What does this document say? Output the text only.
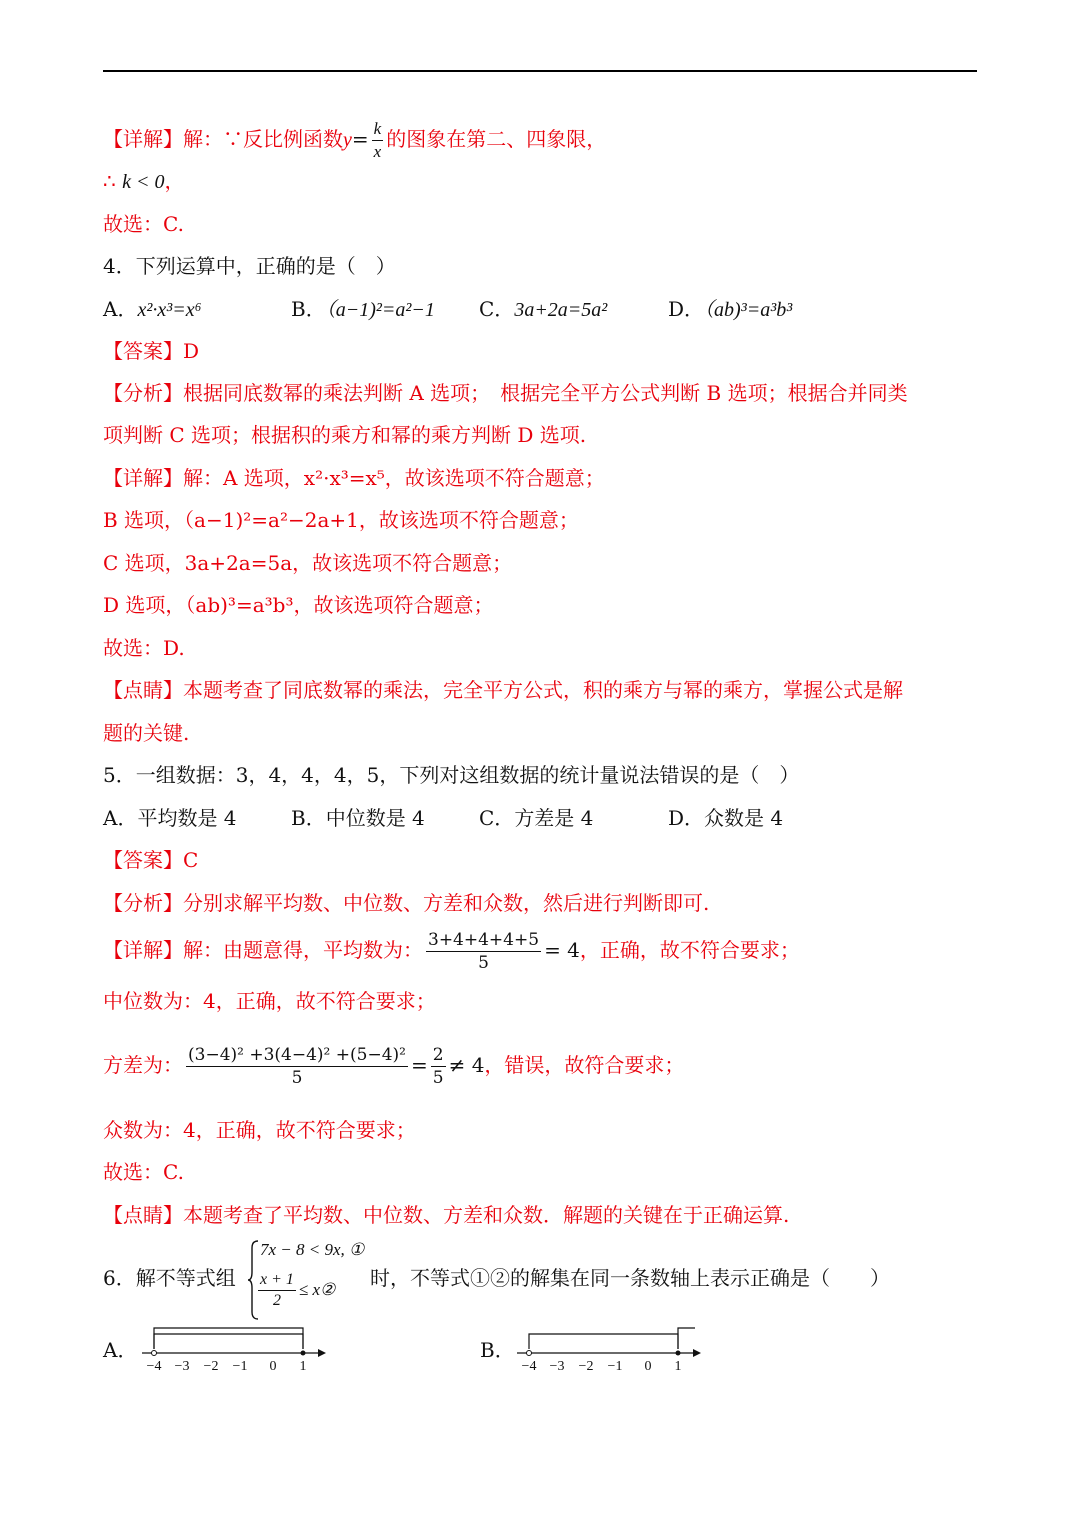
【详解】解：∵反比例函数$y= \frac{k}{x}$ 的图象在第二、四象限，
∴ k < 0，
故选：C.
4．下列运算中，正确的是（　）
A．x²·x³=x⁶	B．（a−1)²=a²−1 C．3a+2a=5a²	D．（ab)³=a³b³
【答案】D
【分析】根据同底数幂的乘法判断 A 选项；　根据完全平方公式判断 B 选项；根据合并同类
项判断 C 选项；根据积的乘方和幂的乘方判断 D 选项.
【详解】解：A 选项，x²·x³=x⁵，故该选项不符合题意；
B 选项，（a−1)²=a²−2a+1，故该选项不符合题意；
C 选项，3a+2a=5a，故该选项不符合题意；
D 选项，（ab)³=a³b³，故该选项符合题意；
故选：D.
【点睛】本题考查了同底数幂的乘法，完全平方公式，积的乘方与幂的乘方，掌握公式是解
题的关键.
5．一组数据：3，4，4，4，5，下列对这组数据的统计量说法错误的是（　）
A．平均数是 4	B．中位数是 4	C．方差是 4	D．众数是 4
【答案】C
【分析】分别求解平均数、中位数、方差和众数，然后进行判断即可.
【详解】解：由题意得，平均数为： $\frac{3+4+4+4+5}{5} = 4$，正确，故不符合要求；
中位数为：4，正确，故不符合要求；
方差为： $\frac{\text{(3−4)² +3(4−4)² +(5−4)²}}{5} = \frac{2}{5} \ne 4$，错误，故符合要求；
众数为：4，正确，故不符合要求；
故选：C.
【点睛】本题考查了平均数、中位数、方差和众数．解题的关键在于正确运算.
6．解不等式组
7x − 8 < 9x, ①
$\frac{x + 1}{2}$ ≤ x② 时，不等式①②的解集在同一条数轴上表示正确是（　　）
A．
−4 −3 −2 −1 0 1
B．
−4 −3 −2 −1 0 1
